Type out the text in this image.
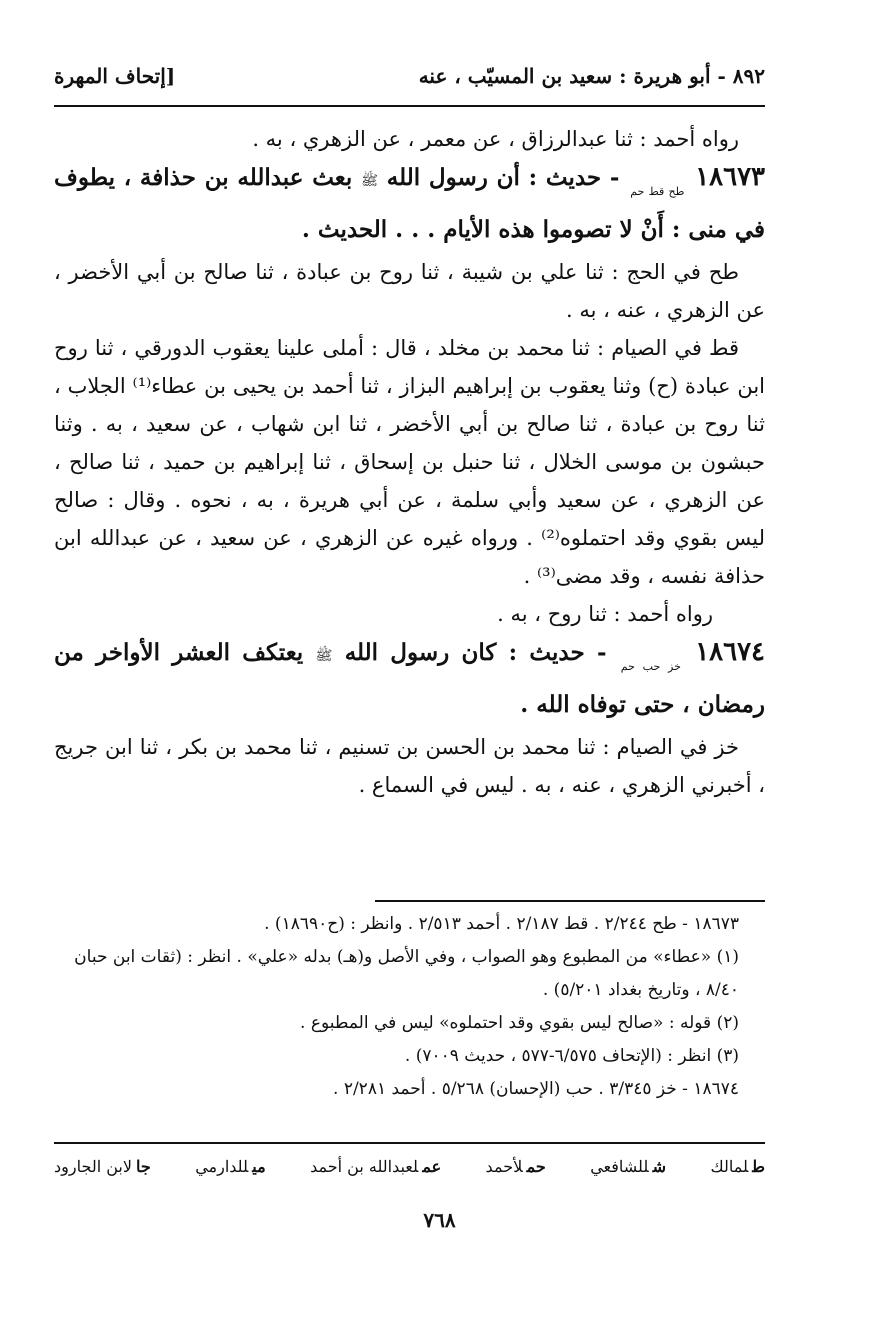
٨٩٢ - أبو هريرة : سعيد بن المسيّب ، عنه
[إتحاف المهرة

رواه أحمد : ثنا عبدالرزاق ، عن معمر ، عن الزهري ، به .

١٨٦٧٣ $_{طح قط حم}$ - حديث : أن رسول الله ﷺ بعث عبدالله بن حذافة ، يطوف في منى : أَنْ لا تصوموا هذه الأيام . . . الحديث .

طح في الحج : ثنا علي بن شيبة ، ثنا روح بن عبادة ، ثنا صالح بن أبي الأخضر ، عن الزهري ، عنه ، به .

قط في الصيام : ثنا محمد بن مخلد ، قال : أملى علينا يعقوب الدورقي ، ثنا روح ابن عبادة (ح) وثنا يعقوب بن إبراهيم البزاز ، ثنا أحمد بن يحيى بن عطاء⁽¹⁾ الجلاب ، ثنا روح بن عبادة ، ثنا صالح بن أبي الأخضر ، ثنا ابن شهاب ، عن سعيد ، به . وثنا حبشون بن موسى الخلال ، ثنا حنبل بن إسحاق ، ثنا إبراهيم بن حميد ، ثنا صالح ، عن الزهري ، عن سعيد وأبي سلمة ، عن أبي هريرة ، به ، نحوه . وقال : صالح ليس بقوي وقد احتملوه⁽²⁾ . ورواه غيره عن الزهري ، عن سعيد ، عن عبدالله ابن حذافة نفسه ، وقد مضى⁽³⁾ .

رواه أحمد : ثنا روح ، به .

١٨٦٧٤ $_{خز حب حم}$ - حديث : كان رسول الله ﷺ يعتكف العشر الأواخر من رمضان ، حتى توفاه الله .

خز في الصيام : ثنا محمد بن الحسن بن تسنيم ، ثنا محمد بن بكر ، ثنا ابن جريج ، أخبرني الزهري ، عنه ، به . ليس في السماع .

١٨٦٧٣ - طح ٢/٢٤٤ . قط ٢/١٨٧ . أحمد ٢/٥١٣ . وانظر : (ح١٨٦٩٠) .

(١) «عطاء» من المطبوع وهو الصواب ، وفي الأصل و(هـ) بدله «علي» . انظر : (ثقات ابن حبان ٨/٤٠ ، وتاريخ بغداد ٥/٢٠١) .

(٢) قوله : «صالح ليس بقوي وقد احتملوه» ليس في المطبوع .

(٣) انظر : (الإتحاف ٦/٥٧٥-٥٧٧ ، حديث ٧٠٠٩) .

١٨٦٧٤ - خز ٣/٣٤٥ . حب (الإحسان) ٥/٢٦٨ . أحمد ٢/٢٨١ .

طلمالك
شللشافعي
حملأحمد
عملعبدالله بن أحمد
ميللدارمي
جالابن الجارود
٧٦٨
